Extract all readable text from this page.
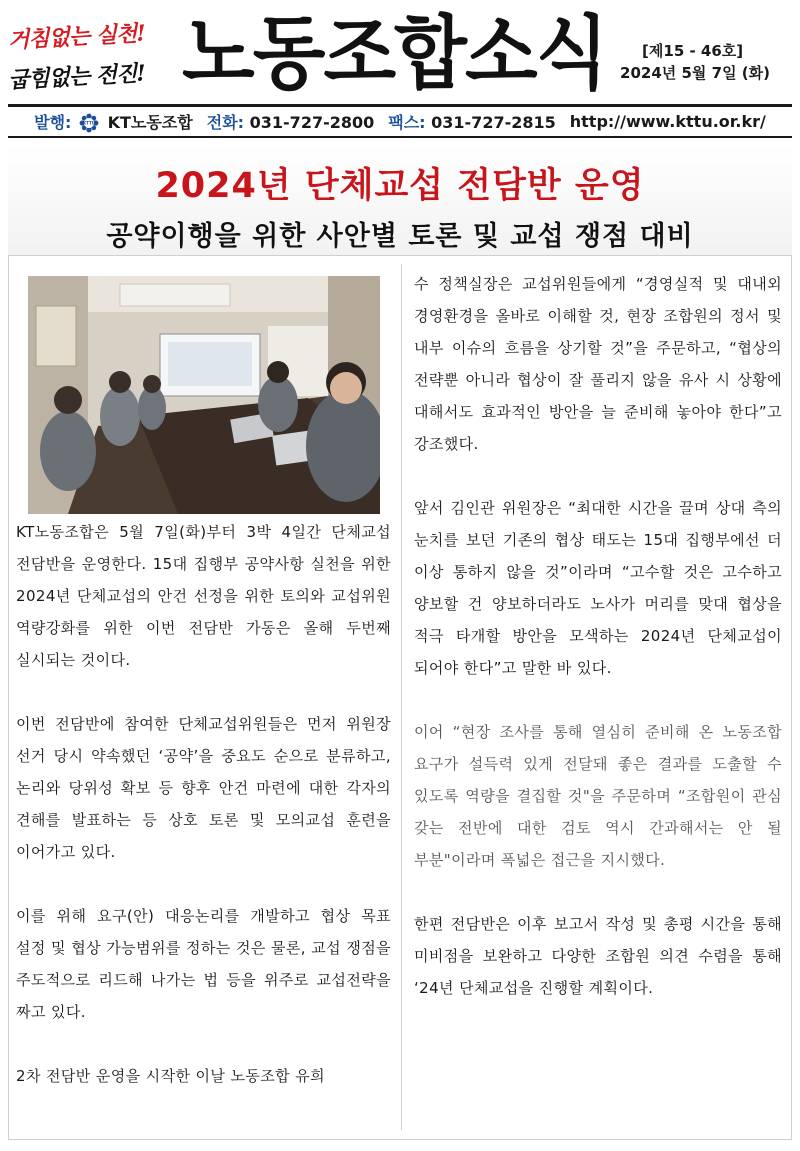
거침없는 실천!
굽힘없는 전진! 노동조합소식	[제15 - 46호]
2024년 5월 7일 (화)
발행:	KTTU KT노동조합 전화: 031-727-2800 팩스: 031-727-2815 http://www.kttu.or.kr/
2024년 단체교섭 전담반 운영
공약이행을 위한 사안별 토론 및 교섭 쟁점 대비

KT노동조합은 5월 7일(화)부터 3박 4일간 단체교섭 전담반을 운영한다. 15대 집행부 공약사항 실천을 위한 2024년 단체교섭의 안건 선정을 위한 토의와 교섭위원 역량강화를 위한 이번 전담반 가동은 올해 두번째 실시되는 것이다.

이번 전담반에 참여한 단체교섭위원들은 먼저 위원장 선거 당시 약속했던 ‘공약’을 중요도 순으로 분류하고, 논리와 당위성 확보 등 향후 안건 마련에 대한 각자의 견해를 발표하는 등 상호 토론 및 모의교섭 훈련을 이어가고 있다.

이를 위해 요구(안) 대응논리를 개발하고 협상 목표 설정 및 협상 가능범위를 정하는 것은 물론, 교섭 쟁점을 주도적으로 리드해 나가는 법 등을 위주로 교섭전략을 짜고 있다.

2차 전담반 운영을 시작한 이날 노동조합 유희

수 정책실장은 교섭위원들에게 “경영실적 및 대내외 경영환경을 올바로 이해할 것, 현장 조합원의 정서 및 내부 이슈의 흐름을 상기할 것”을 주문하고, “협상의 전략뿐 아니라 협상이 잘 풀리지 않을 유사 시 상황에 대해서도 효과적인 방안을 늘 준비해 놓아야 한다”고 강조했다.

앞서 김인관 위원장은 “최대한 시간을 끌며 상대 측의 눈치를 보던 기존의 협상 태도는 15대 집행부에선 더 이상 통하지 않을 것”이라며 “고수할 것은 고수하고 양보할 건 양보하더라도 노사가 머리를 맞대 협상을 적극 타개할 방안을 모색하는 2024년 단체교섭이 되어야 한다”고 말한 바 있다.

이어 “현장 조사를 통해 열심히 준비해 온 노동조합 요구가 설득력 있게 전달돼 좋은 결과를 도출할 수 있도록 역량을 결집할 것"을 주문하며 “조합원이 관심 갖는 전반에 대한 검토 역시 간과해서는 안 될 부분"이라며 폭넓은 접근을 지시했다.

한편 전담반은 이후 보고서 작성 및 총평 시간을 통해 미비점을 보완하고 다양한 조합원 의견 수렴을 통해 ‘24년 단체교섭을 진행할 계획이다.
